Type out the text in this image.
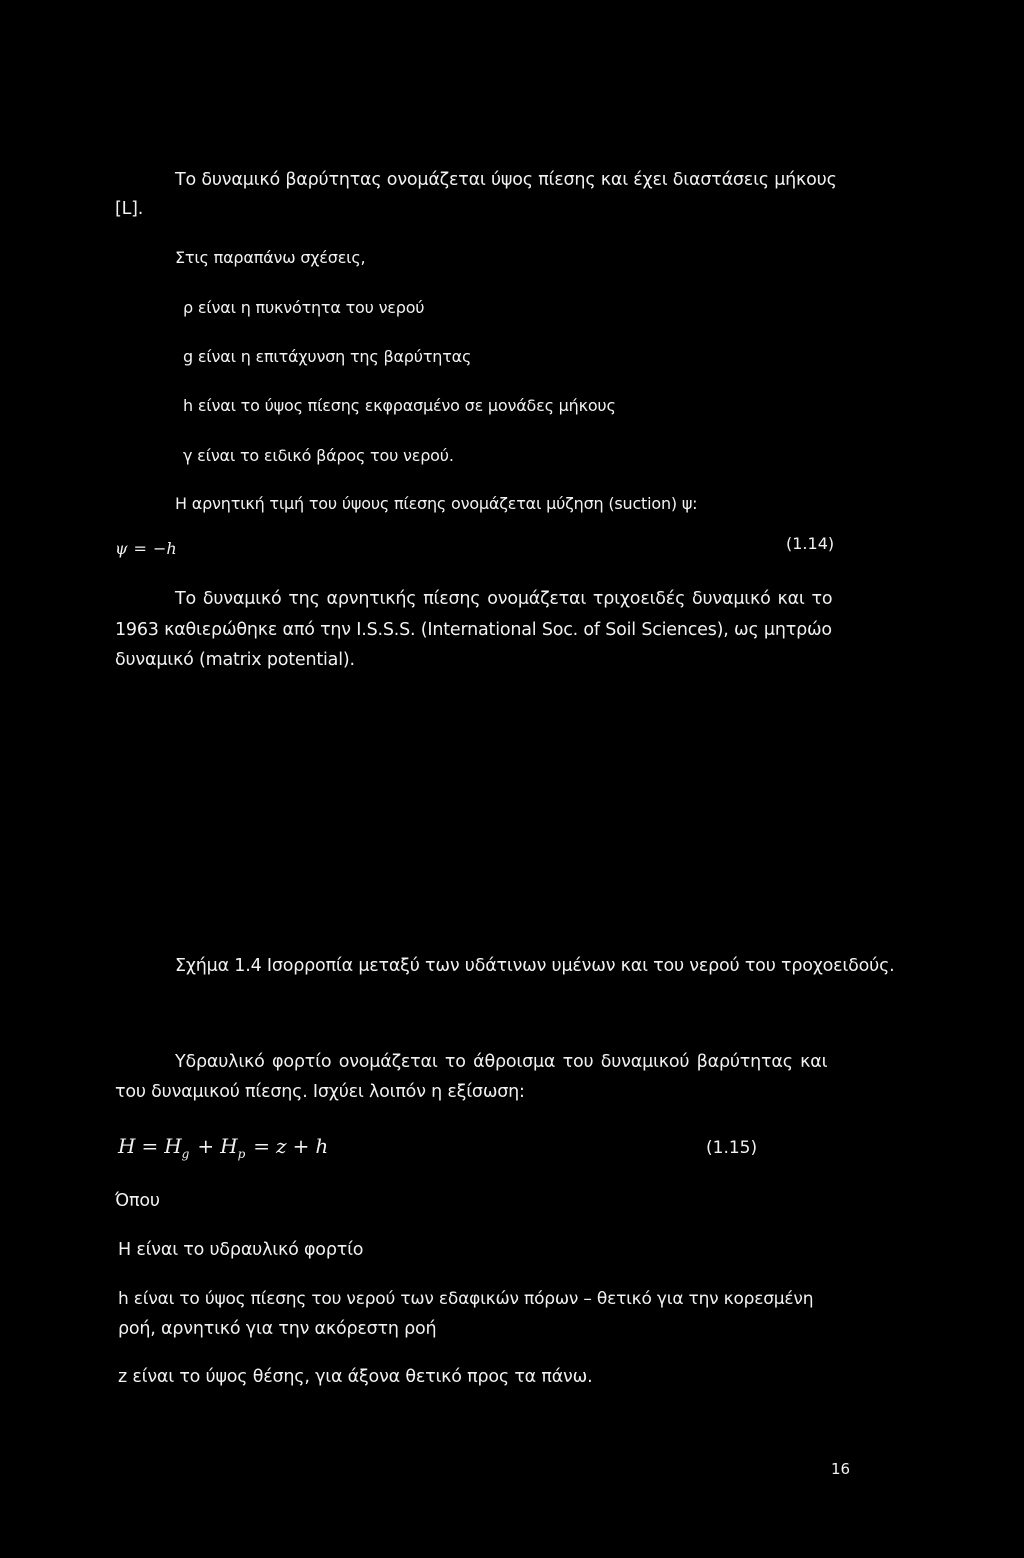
Το δυναμικό βαρύτητας ονομάζεται ύψος πίεσης και έχει διαστάσεις μήκους
[L].
Στις παραπάνω σχέσεις,
ρ είναι η πυκνότητα του νερού
g είναι η επιτάχυνση της βαρύτητας
h είναι το ύψος πίεσης εκφρασμένο σε μονάδες μήκους
γ είναι το ειδικό βάρος του νερού.
Η αρνητική τιμή του ύψους πίεσης ονομάζεται μύζηση (suction) ψ:
ψ = −h	(1.14)
Το δυναμικό της αρνητικής πίεσης ονομάζεται τριχοειδές δυναμικό και το
1963 καθιερώθηκε από την I.S.S.S. (International Soc. of Soil Sciences), ως μητρώο
δυναμικό (matrix potential).
Σχήμα 1.4 Ισορροπία μεταξύ των υδάτινων υμένων και του νερού του τροχοειδούς.
Υδραυλικό φορτίο ονομάζεται το άθροισμα του δυναμικού βαρύτητας και
του δυναμικού πίεσης. Ισχύει λοιπόν η εξίσωση:
$H = H_g + H_p = z + h$	(1.15)
Όπου
Η είναι το υδραυλικό φορτίο
h είναι το ύψος πίεσης του νερού των εδαφικών πόρων – θετικό για την κορεσμένη
ροή, αρνητικό για την ακόρεστη ροή
z είναι το ύψος θέσης, για άξονα θετικό προς τα πάνω.
16
